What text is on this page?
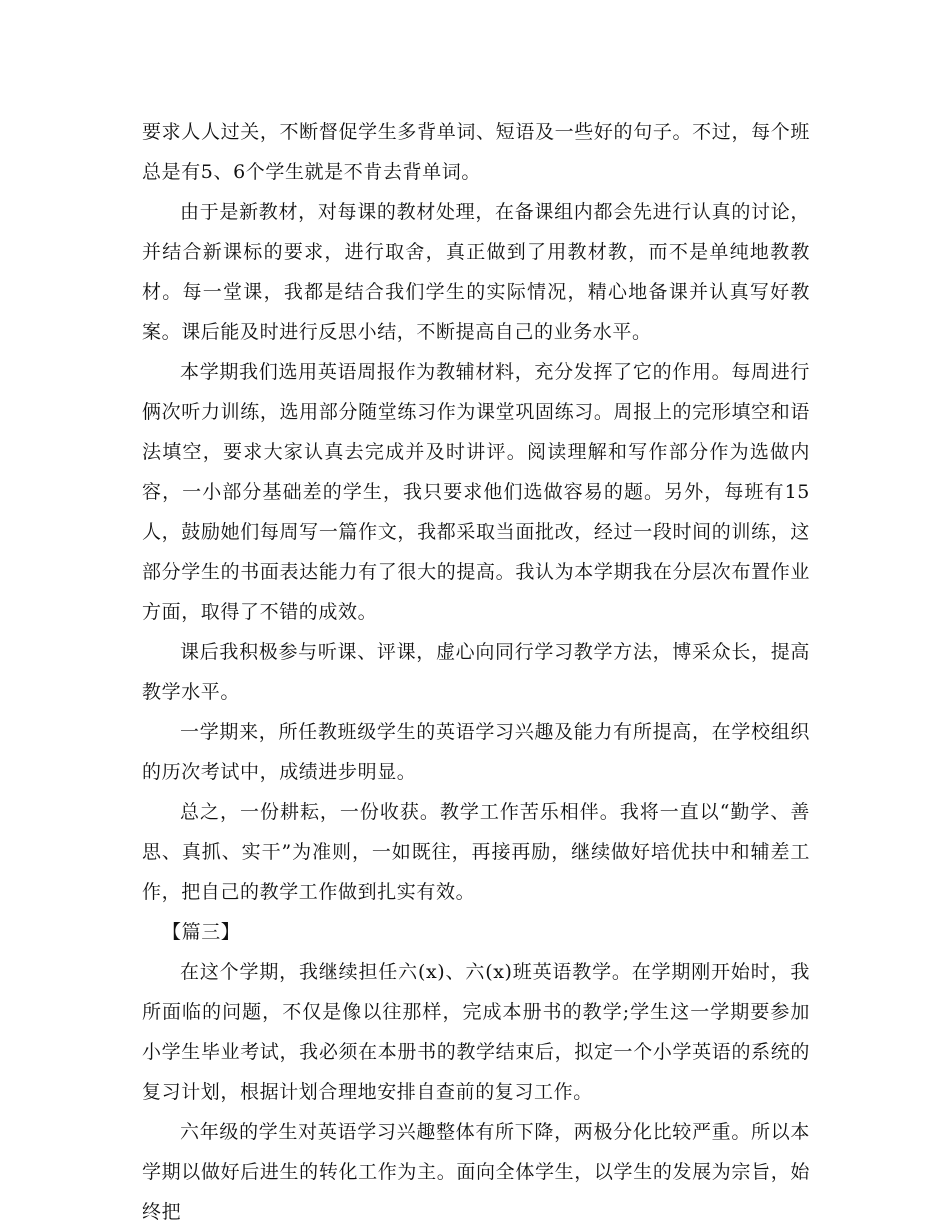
要求人人过关，不断督促学生多背单词、短语及一些好的句子。不过，每个班总是有5、6个学生就是不肯去背单词。

由于是新教材，对每课的教材处理，在备课组内都会先进行认真的讨论，并结合新课标的要求，进行取舍，真正做到了用教材教，而不是单纯地教教材。每一堂课，我都是结合我们学生的实际情况，精心地备课并认真写好教案。课后能及时进行反思小结，不断提高自己的业务水平。

本学期我们选用英语周报作为教辅材料，充分发挥了它的作用。每周进行俩次听力训练，选用部分随堂练习作为课堂巩固练习。周报上的完形填空和语法填空，要求大家认真去完成并及时讲评。阅读理解和写作部分作为选做内容，一小部分基础差的学生，我只要求他们选做容易的题。另外，每班有15人，鼓励她们每周写一篇作文，我都采取当面批改，经过一段时间的训练，这部分学生的书面表达能力有了很大的提高。我认为本学期我在分层次布置作业方面，取得了不错的成效。

课后我积极参与听课、评课，虚心向同行学习教学方法，博采众长，提高教学水平。

一学期来，所任教班级学生的英语学习兴趣及能力有所提高，在学校组织的历次考试中，成绩进步明显。

总之，一份耕耘，一份收获。教学工作苦乐相伴。我将一直以“勤学、善思、真抓、实干”为准则，一如既往，再接再励，继续做好培优扶中和辅差工作，把自己的教学工作做到扎实有效。

【篇三】

在这个学期，我继续担任六(x)、六(x)班英语教学。在学期刚开始时，我所面临的问题，不仅是像以往那样，完成本册书的教学;学生这一学期要参加小学生毕业考试，我必须在本册书的教学结束后，拟定一个小学英语的系统的复习计划，根据计划合理地安排自查前的复习工作。

六年级的学生对英语学习兴趣整体有所下降，两极分化比较严重。所以本学期以做好后进生的转化工作为主。面向全体学生，以学生的发展为宗旨，始终把
